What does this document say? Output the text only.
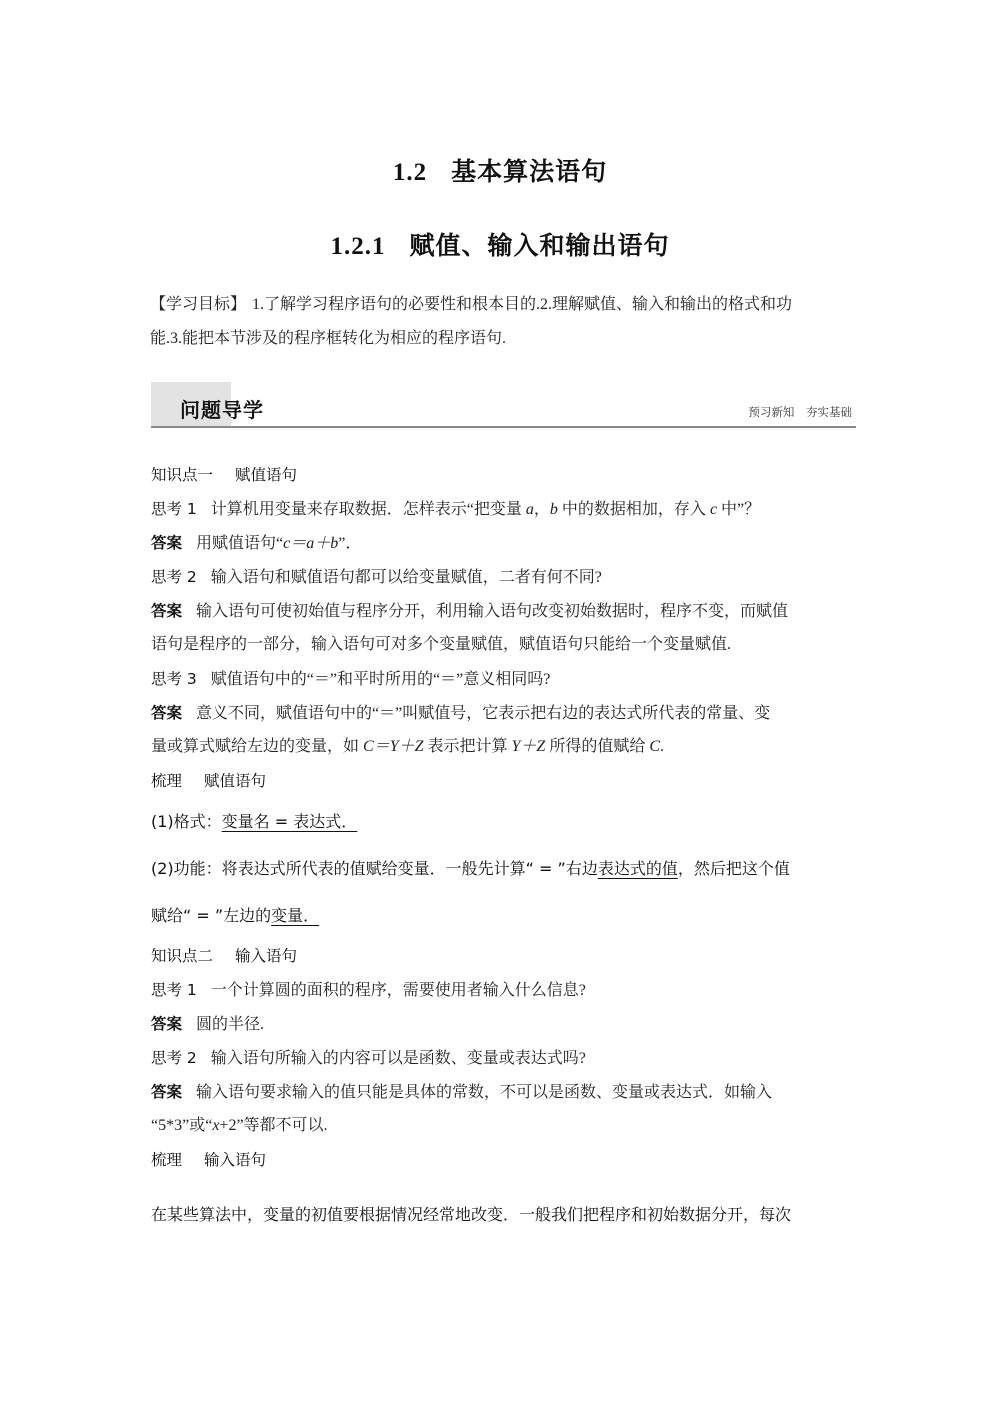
1.2 基本算法语句
1.2.1 赋值、输入和输出语句
【学习目标】 1.了解学习程序语句的必要性和根本目的.2.理解赋值、输入和输出的格式和功
能.3.能把本节涉及的程序框转化为相应的程序语句.
问题导学	预习新知 夯实基础
知识点一 赋值语句
思考 1 计算机用变量来存取数据．怎样表示“把变量 a，b 中的数据相加，存入 c 中”？
答案 用赋值语句“c＝a＋b”．
思考 2 输入语句和赋值语句都可以给变量赋值，二者有何不同?
答案 输入语句可使初始值与程序分开，利用输入语句改变初始数据时，程序不变，而赋值
语句是程序的一部分，输入语句可对多个变量赋值，赋值语句只能给一个变量赋值.
思考 3 赋值语句中的“＝”和平时所用的“＝”意义相同吗?
答案 意义不同，赋值语句中的“＝”叫赋值号，它表示把右边的表达式所代表的常量、变
量或算式赋给左边的变量，如 C＝Y＋Z 表示把计算 Y＋Z 所得的值赋给 C.
梳理 赋值语句
(1)格式：变量名 = 表达式．
(2)功能：将表达式所代表的值赋给变量．一般先计算“ = ”右边表达式的值，然后把这个值
赋给“ = ”左边的变量．
知识点二 输入语句
思考 1 一个计算圆的面积的程序，需要使用者输入什么信息?
答案 圆的半径.
思考 2 输入语句所输入的内容可以是函数、变量或表达式吗?
答案 输入语句要求输入的值只能是具体的常数，不可以是函数、变量或表达式．如输入
“5*3”或“x+2”等都不可以.
梳理 输入语句
在某些算法中，变量的初值要根据情况经常地改变．一般我们把程序和初始数据分开，每次
